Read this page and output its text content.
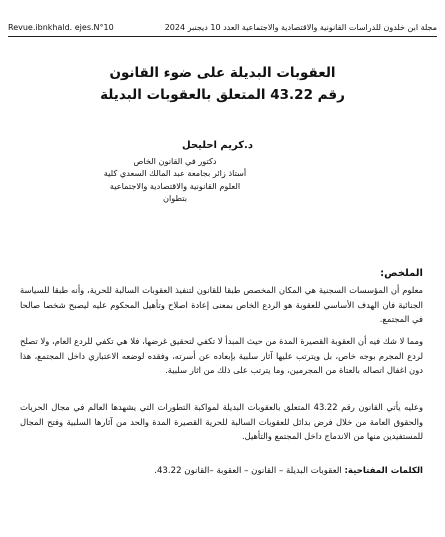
Revue.ibnkhald. ejes.N°10	مجلة ابن خلدون للدراسات القانونية والاقتصادية والاجتماعية العدد 10 ديجنبر 2024
العقوبات البديلة على ضوء القانون
رقم 43.22 المتعلق بالعقوبات البديلة
د.كريم احليحل
دكتور في القانون الخاص
أستاذ زائر بجامعة عبد المالك السعدي كلية
العلوم القانونية والاقتصادية والاجتماعية
بتطوان
الملخص:

معلوم أن المؤسسات السجنية هي المكان المخصص طبقا للقانون لتنفيذ العقوبات السالبة للحرية، وأنه طبقا للسياسة الجنائية فان الهدف الأساسي للعقوبة هو الردع الخاص بمعنى إعادة اصلاح وتأهيل المحكوم عليه ليصبح شخصا صالحا في المجتمع.

ومما لا شك فيه أن العقوبة القصيرة المدة من حيث المبدأ لا تكفي لتحقيق غرضها، فلا هي تكفي للردع العام، ولا تصلح لردع المجرم بوجه خاص، بل ويترتب عليها آثار سلبية بإبعاده عن أسرته، وفقده لوضعه الاعتباري داخل المجتمع، هذا دون اغفال اتصاله بالعتاة من المجرمين، وما يترتب على ذلك من اثار سلبية.

وعليه يأتي القانون رقم 43.22 المتعلق بالعقوبات البديلة لمواكبة التطورات التي يشهدها العالم في مجال الحريات والحقوق العامة من خلال فرض بدائل للعقوبات السالبة للحرية القصيرة المدة والحد من آثارها السلبية وفتح المجال للمستفيدين منها من الاندماج داخل المجتمع والتأهيل.

الكلمات المفتاحية: العقوبات البديلة – القانون – العقوبة –القانون 43.22.
